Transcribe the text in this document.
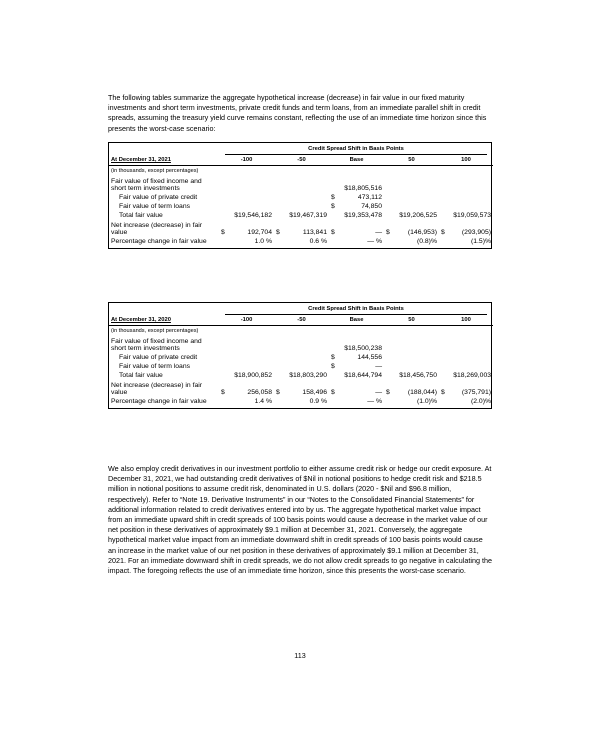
The following tables summarize the aggregate hypothetical increase (decrease) in fair value in our fixed maturity investments and short term investments, private credit funds and term loans, from an immediate parallel shift in credit spreads, assuming the treasury yield curve remains constant, reflecting the use of an immediate time horizon since this presents the worst-case scenario:

	Credit Spread Shift in Basis Points				

At December 31, 2021	-100	-50	Base	50	100
(in thousands, except percentages)					
Fair value of fixed income and short term investments			$18,805,516		
Fair value of private credit			$ 473,112		

Fair value of term loans			$ 74,850		

Total fair value	$19,546,182	$19,467,319	$19,353,478	$19,206,525	$19,059,573
Net increase (decrease) in fair value	$ 192,704	$ 113,841	$ —	$ (146,953)	$ (293,905)

Percentage change in fair value	1.0 %	0.6 %	— %	(0.8)%	(1.5)%

	Credit Spread Shift in Basis Points				

At December 31, 2020	-100	-50	Base	50	100
(in thousands, except percentages)					
Fair value of fixed income and short term investments			$18,500,238		
Fair value of private credit			$ 144,556		

Fair value of term loans			$ —		

Total fair value	$18,900,852	$18,803,290	$18,644,794	$18,456,750	$18,269,003
Net increase (decrease) in fair value	$ 256,058	$ 158,496	$ —	$ (188,044)	$ (375,791)

Percentage change in fair value	1.4 %	0.9 %	— %	(1.0)%	(2.0)%

We also employ credit derivatives in our investment portfolio to either assume credit risk or hedge our credit exposure. At December 31, 2021, we had outstanding credit derivatives of $Nil in notional positions to hedge credit risk and $218.5 million in notional positions to assume credit risk, denominated in U.S. dollars (2020 - $Nil and $96.8 million, respectively). Refer to “Note 19. Derivative Instruments” in our “Notes to the Consolidated Financial Statements” for additional information related to credit derivatives entered into by us. The aggregate hypothetical market value impact from an immediate upward shift in credit spreads of 100 basis points would cause a decrease in the market value of our net position in these derivatives of approximately $9.1 million at December 31, 2021. Conversely, the aggregate hypothetical market value impact from an immediate downward shift in credit spreads of 100 basis points would cause an increase in the market value of our net position in these derivatives of approximately $9.1 million at December 31, 2021. For an immediate downward shift in credit spreads, we do not allow credit spreads to go negative in calculating the impact. The foregoing reflects the use of an immediate time horizon, since this presents the worst-case scenario.

113
